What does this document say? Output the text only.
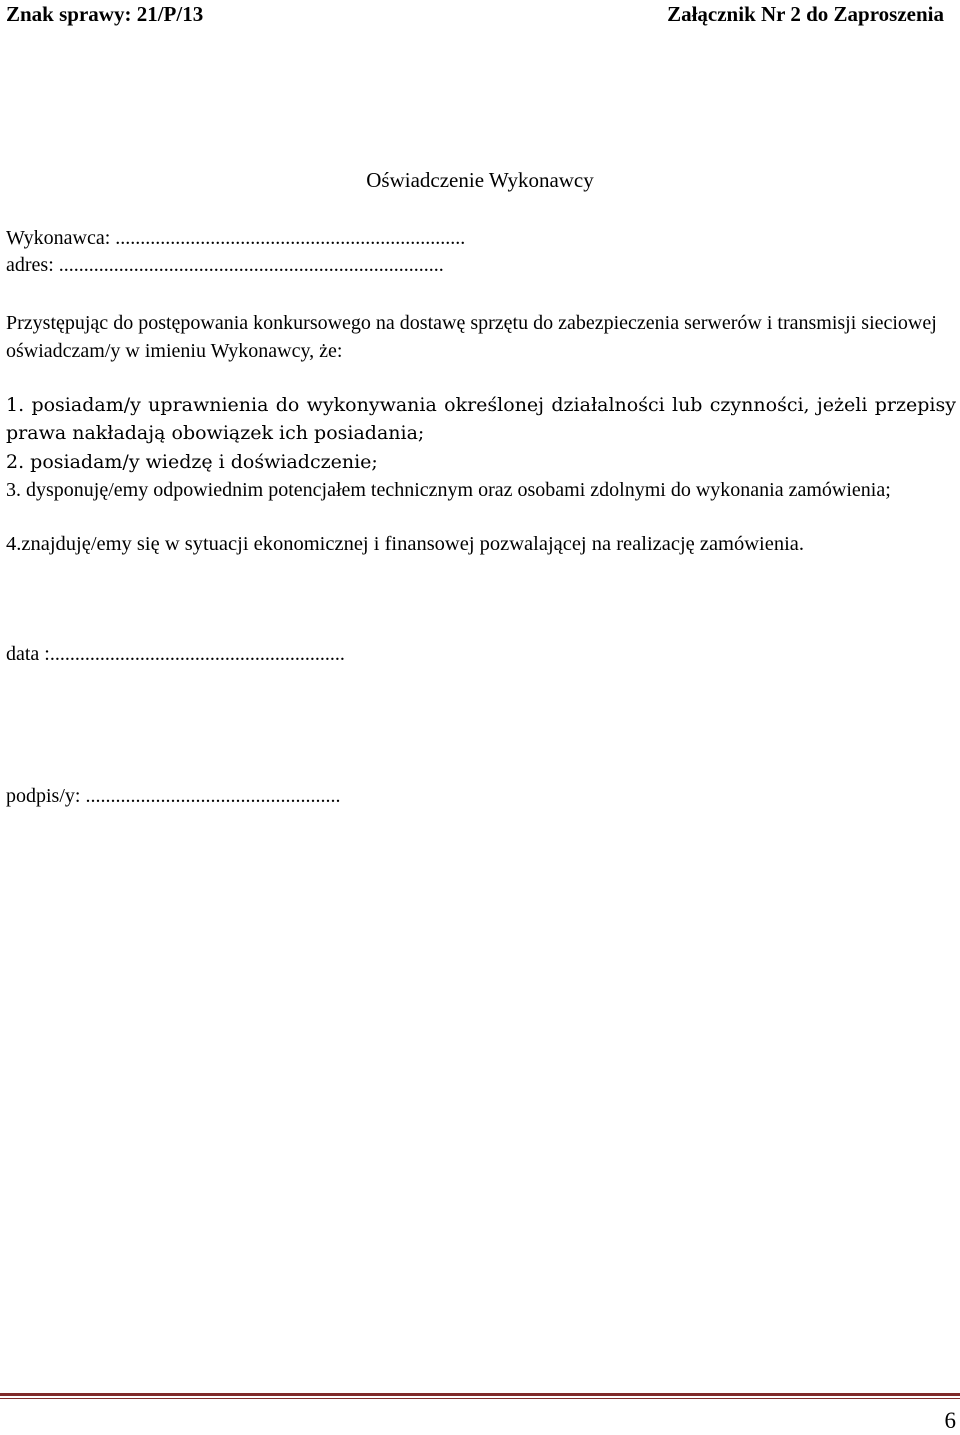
Znak sprawy: 21/P/13	Załącznik Nr 2 do Zaproszenia
Oświadczenie Wykonawcy
Wykonawca: ......................................................................
adres: .............................................................................
Przystępując do postępowania konkursowego na dostawę sprzętu do zabezpieczenia serwerów i transmisji sieciowej oświadczam/y w imieniu Wykonawcy, że:
1. posiadam/y uprawnienia do wykonywania określonej działalności lub czynności, jeżeli przepisy prawa nakładają obowiązek ich posiadania;
2. posiadam/y wiedzę i doświadczenie;
3. dysponuję/emy odpowiednim potencjałem technicznym oraz osobami zdolnymi do wykonania zamówienia;
4.znajduję/emy się w sytuacji ekonomicznej i finansowej pozwalającej na realizację zamówienia.
data :...........................................................
podpis/y: ...................................................
6
